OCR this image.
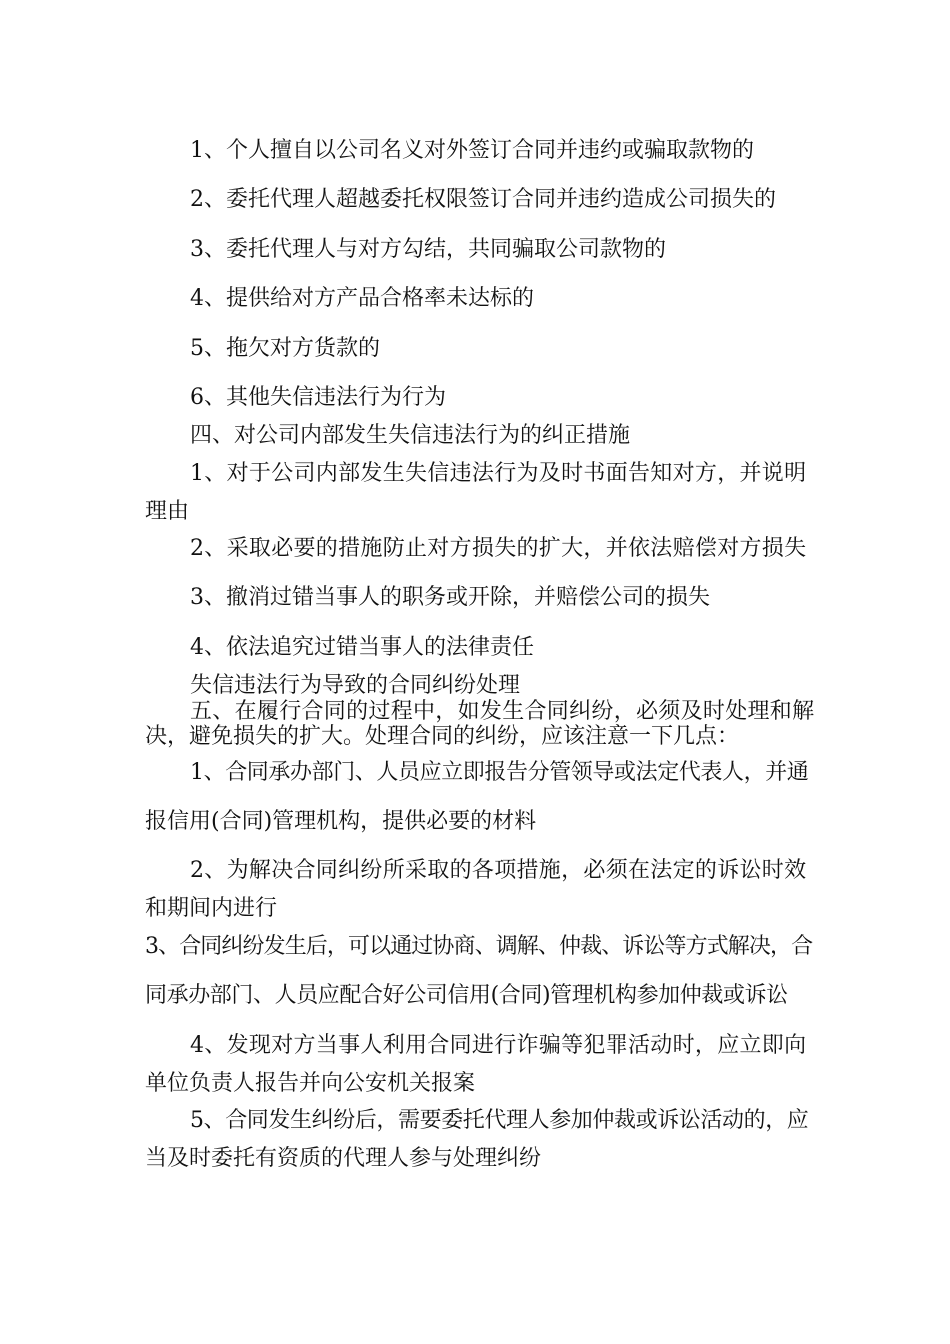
1、个人擅自以公司名义对外签订合同并违约或骗取款物的

2、委托代理人超越委托权限签订合同并违约造成公司损失的

3、委托代理人与对方勾结，共同骗取公司款物的

4、提供给对方产品合格率未达标的

5、拖欠对方货款的

6、其他失信违法行为行为

四、对公司内部发生失信违法行为的纠正措施

1、对于公司内部发生失信违法行为及时书面告知对方，并说明

理由

2、采取必要的措施防止对方损失的扩大，并依法赔偿对方损失

3、撤消过错当事人的职务或开除，并赔偿公司的损失

4、依法追究过错当事人的法律责任

失信违法行为导致的合同纠纷处理

五、在履行合同的过程中，如发生合同纠纷，必须及时处理和解

决，避免损失的扩大。处理合同的纠纷，应该注意一下几点：

1、合同承办部门、人员应立即报告分管领导或法定代表人，并通

报信用(合同)管理机构，提供必要的材料

2、为解决合同纠纷所采取的各项措施，必须在法定的诉讼时效

和期间内进行

3、合同纠纷发生后，可以通过协商、调解、仲裁、诉讼等方式解决，合

同承办部门、人员应配合好公司信用(合同)管理机构参加仲裁或诉讼

4、发现对方当事人利用合同进行诈骗等犯罪活动时，应立即向

单位负责人报告并向公安机关报案

5、合同发生纠纷后，需要委托代理人参加仲裁或诉讼活动的，应

当及时委托有资质的代理人参与处理纠纷
